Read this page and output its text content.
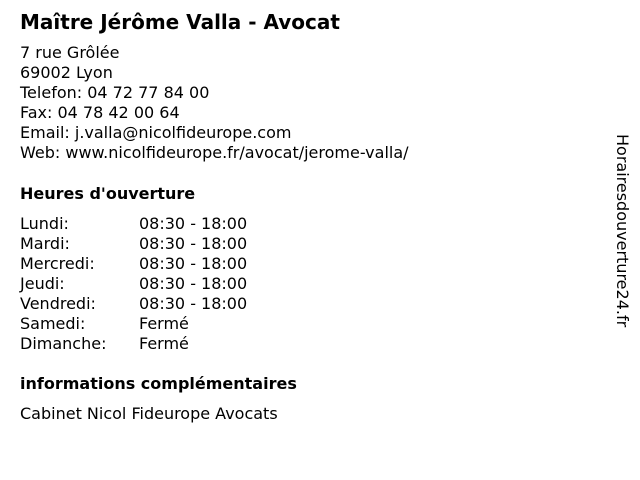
Maître Jérôme Valla - Avocat
7 rue Grôlée
69002 Lyon
Telefon: 04 72 77 84 00
Fax: 04 78 42 00 64
Email: j.valla@nicolfideurope.com
Web: www.nicolfideurope.fr/avocat/jerome-valla/
Heures d'ouverture
Lundi:	08:30 - 18:00
Mardi:	08:30 - 18:00
Mercredi:	08:30 - 18:00
Jeudi:	08:30 - 18:00
Vendredi:	08:30 - 18:00
Samedi:	Fermé
Dimanche: Fermé
informations complémentaires
Cabinet Nicol Fideurope Avocats
Horairesdouverture24.fr
